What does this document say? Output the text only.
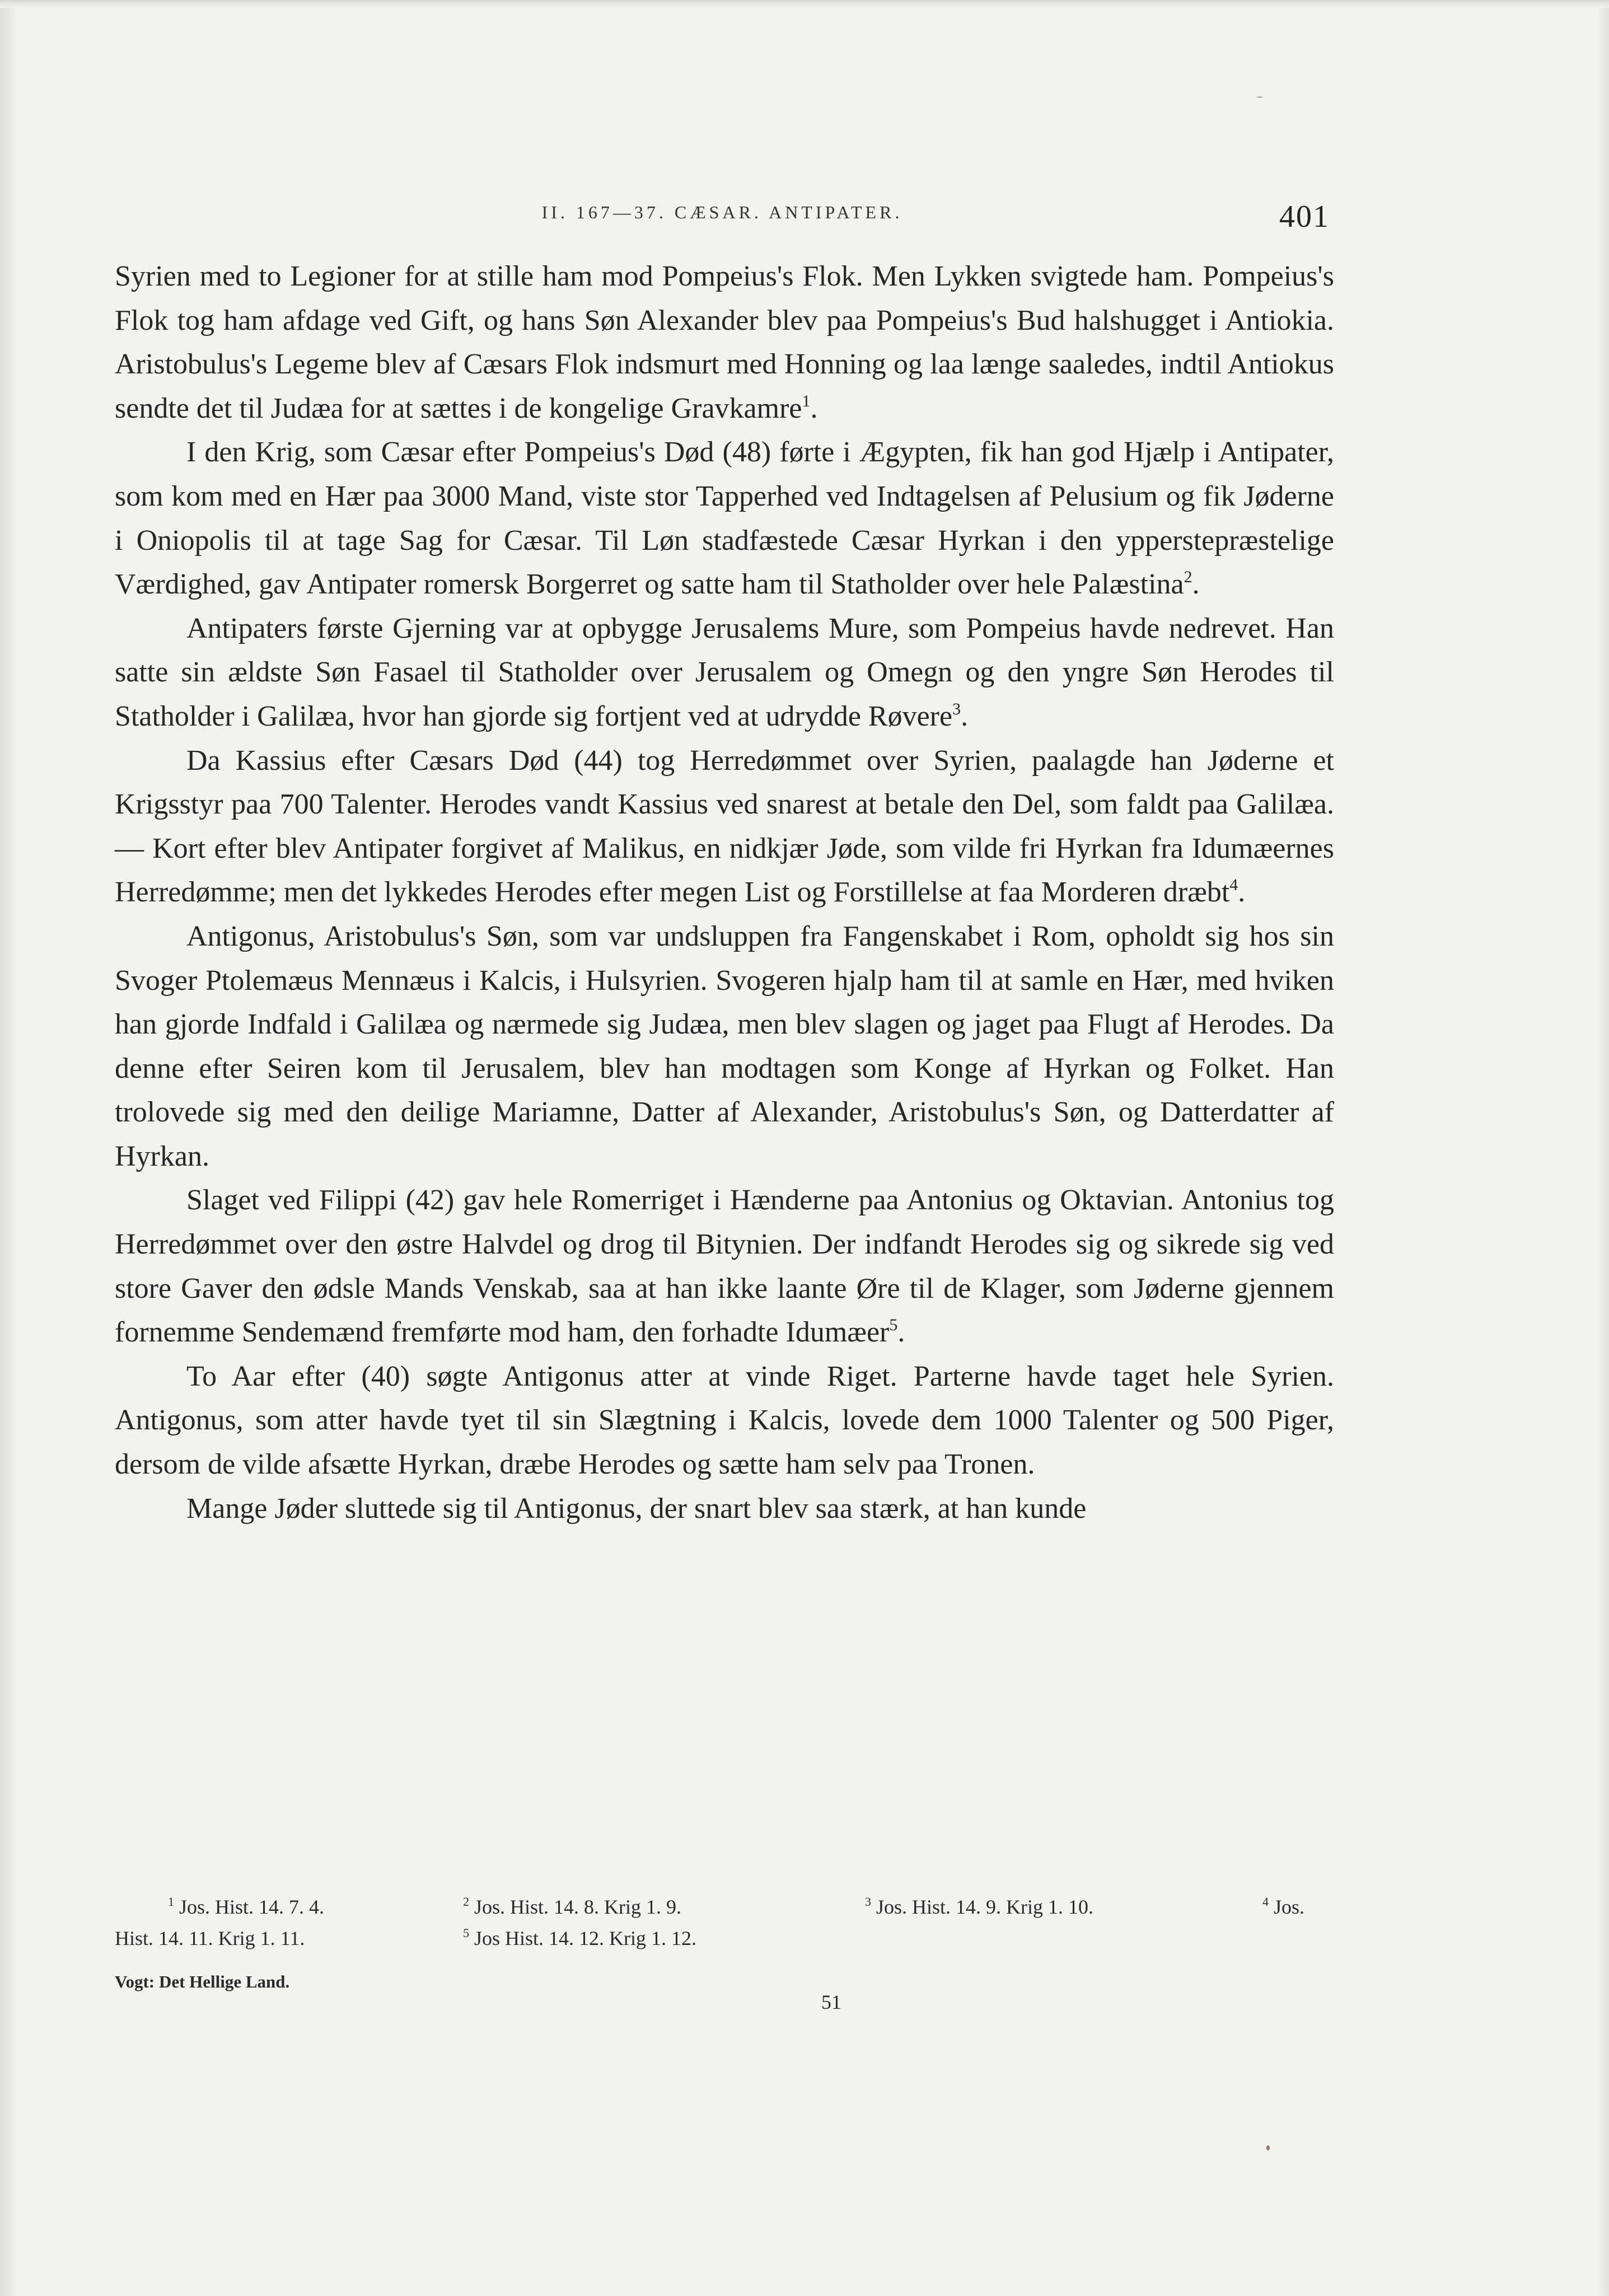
II. 167—37. CÆSAR. ANTIPATER.	401

Syrien med to Legioner for at stille ham mod Pompeius's Flok. Men Lykken svigtede ham. Pompeius's Flok tog ham afdage ved Gift, og hans Søn Alexander blev paa Pompeius's Bud halshugget i Antiokia. Aristobulus's Legeme blev af Cæsars Flok indsmurt med Honning og laa længe saaledes, indtil Antiokus sendte det til Judæa for at sættes i de kongelige Gravkamre$^1$.

I den Krig, som Cæsar efter Pompeius's Død (48) førte i Ægypten, fik han god Hjælp i Antipater, som kom med en Hær paa 3000 Mand, viste stor Tapperhed ved Indtagelsen af Pelusium og fik Jøderne i Oniopolis til at tage Sag for Cæsar. Til Løn stadfæstede Cæsar Hyrkan i den ypperstepræstelige Værdighed, gav Antipater romersk Borgerret og satte ham til Statholder over hele Palæstina$^2$.

Antipaters første Gjerning var at opbygge Jerusalems Mure, som Pompeius havde nedrevet. Han satte sin ældste Søn Fasael til Statholder over Jerusalem og Omegn og den yngre Søn Herodes til Statholder i Galilæa, hvor han gjorde sig fortjent ved at udrydde Røvere$^3$.

Da Kassius efter Cæsars Død (44) tog Herredømmet over Syrien, paalagde han Jøderne et Krigsstyr paa 700 Talenter. Herodes vandt Kassius ved snarest at betale den Del, som faldt paa Galilæa. — Kort efter blev Antipater forgivet af Malikus, en nidkjær Jøde, som vilde fri Hyrkan fra Idumæernes Herredømme; men det lykkedes Herodes efter megen List og Forstillelse at faa Morderen dræbt$^4$.

Antigonus, Aristobulus's Søn, som var undsluppen fra Fangenskabet i Rom, opholdt sig hos sin Svoger Ptolemæus Mennæus i Kalcis, i Hulsyrien. Svogeren hjalp ham til at samle en Hær, med hviken han gjorde Indfald i Galilæa og nærmede sig Judæa, men blev slagen og jaget paa Flugt af Herodes. Da denne efter Seiren kom til Jerusalem, blev han modtagen som Konge af Hyrkan og Folket. Han trolovede sig med den deilige Mariamne, Datter af Alexander, Aristobulus's Søn, og Datterdatter af Hyrkan.

Slaget ved Filippi (42) gav hele Romerriget i Hænderne paa Antonius og Oktavian. Antonius tog Herredømmet over den østre Halvdel og drog til Bitynien. Der indfandt Herodes sig og sikrede sig ved store Gaver den ødsle Mands Venskab, saa at han ikke laante Øre til de Klager, som Jøderne gjennem fornemme Sendemænd fremførte mod ham, den forhadte Idumæer$^5$.

To Aar efter (40) søgte Antigonus atter at vinde Riget. Parterne havde taget hele Syrien. Antigonus, som atter havde tyet til sin Slægtning i Kalcis, lovede dem 1000 Talenter og 500 Piger, dersom de vilde afsætte Hyrkan, dræbe Herodes og sætte ham selv paa Tronen.

Mange Jøder sluttede sig til Antigonus, der snart blev saa stærk, at han kunde

$^1$ Jos. Hist. 14. 7. 4.	$^2$ Jos. Hist. 14. 8. Krig 1. 9.	$^3$ Jos. Hist. 14. 9. Krig 1. 10.	$^4$ Jos.
Hist. 14. 11. Krig 1. 11.	$^5$ Jos Hist. 14. 12. Krig 1. 12.
Vogt: Det Hellige Land.
51
